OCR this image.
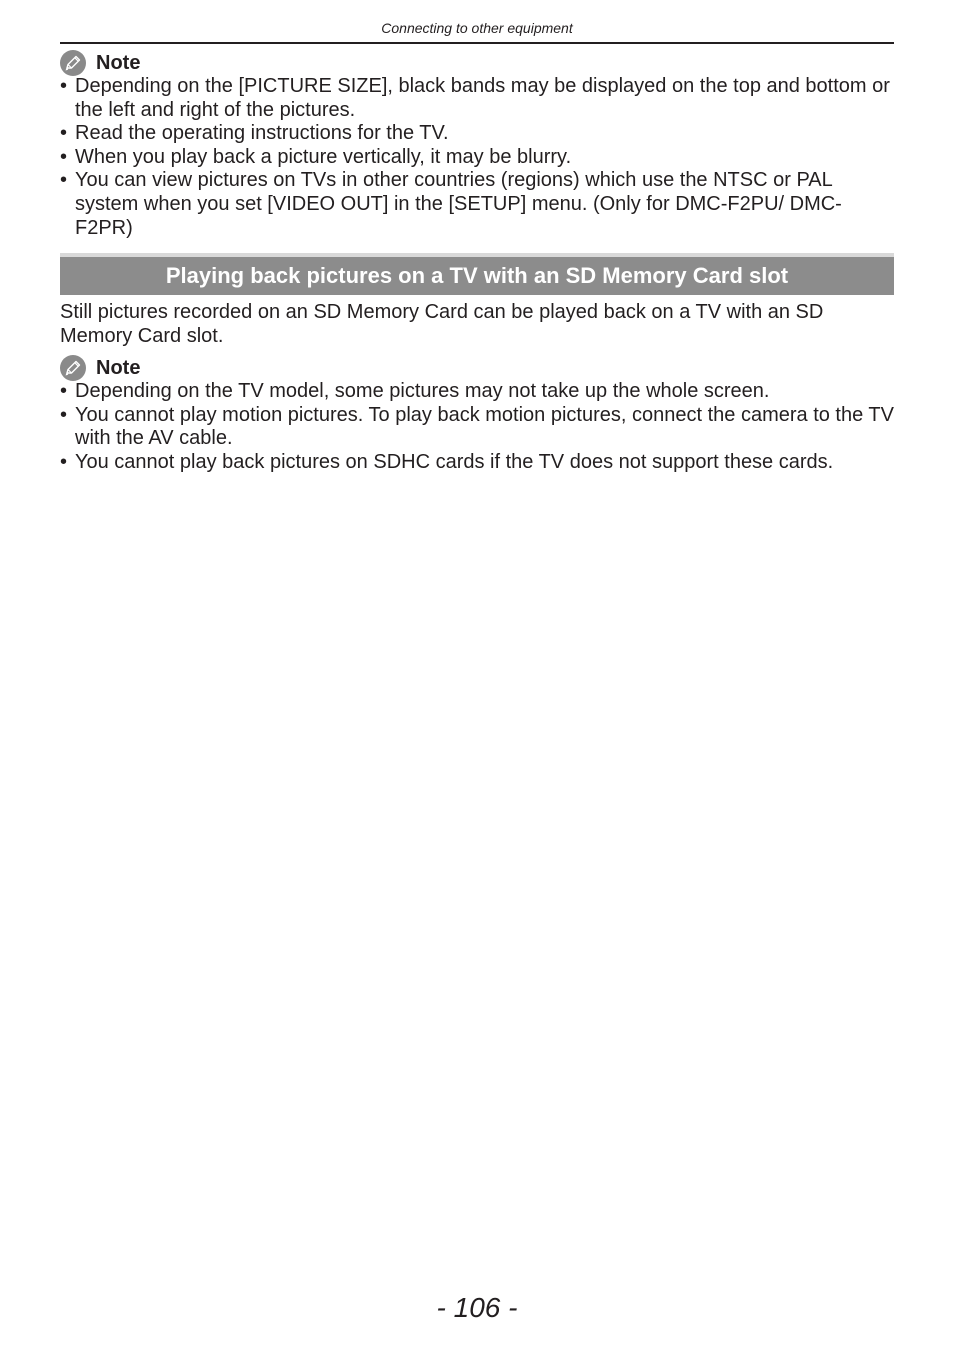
Connecting to other equipment
Note
• Depending on the [PICTURE SIZE], black bands may be displayed on the top and bottom or the left and right of the pictures.
• Read the operating instructions for the TV.
• When you play back a picture vertically, it may be blurry.
• You can view pictures on TVs in other countries (regions) which use the NTSC or PAL system when you set [VIDEO OUT] in the [SETUP] menu. (Only for DMC-F2PU/ DMC-F2PR)
Playing back pictures on a TV with an SD Memory Card slot
Still pictures recorded on an SD Memory Card can be played back on a TV with an SD Memory Card slot.
Note
• Depending on the TV model, some pictures may not take up the whole screen.
• You cannot play motion pictures. To play back motion pictures, connect the camera to the TV with the AV cable.
• You cannot play back pictures on SDHC cards if the TV does not support these cards.
- 106 -
